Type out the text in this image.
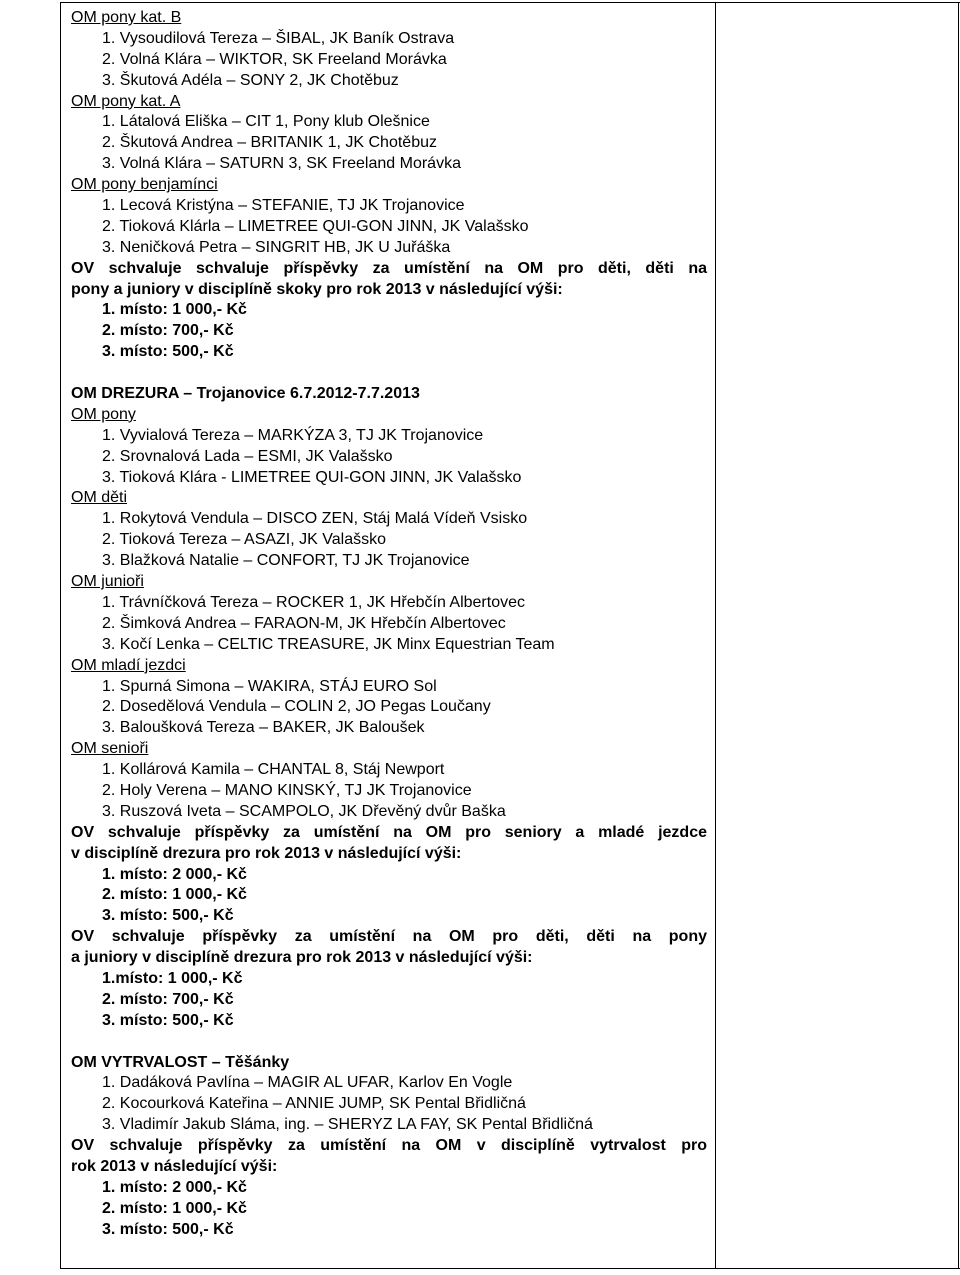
OM pony kat. B
1. Vysoudilová Tereza – ŠIBAL, JK Baník Ostrava
2. Volná Klára – WIKTOR, SK Freeland Morávka
3. Škutová Adéla – SONY 2, JK Chotěbuz
OM pony kat. A
1. Látalová Eliška – CIT 1, Pony klub Olešnice
2. Škutová Andrea – BRITANIK 1, JK Chotěbuz
3. Volná Klára – SATURN 3, SK Freeland Morávka
OM pony benjamínci
1. Lecová Kristýna – STEFANIE, TJ JK Trojanovice
2. Tioková Klárla – LIMETREE QUI-GON JINN, JK Valašsko
3. Neničková Petra – SINGRIT HB, JK U Juřáška
OV schvaluje schvaluje příspěvky za umístění na OM pro děti, děti na
pony a juniory v disciplíně skoky pro rok 2013 v následující výši:
1. místo: 1 000,- Kč
2. místo: 700,- Kč
3. místo: 500,- Kč
OM DREZURA – Trojanovice 6.7.2012-7.7.2013
OM pony
1. Vyvialová Tereza – MARKÝZA 3, TJ JK Trojanovice
2. Srovnalová Lada – ESMI, JK Valašsko
3. Tioková Klára - LIMETREE QUI-GON JINN, JK Valašsko
OM děti
1. Rokytová Vendula – DISCO ZEN, Stáj Malá Vídeň Vsisko
2. Tioková Tereza – ASAZI, JK Valašsko
3. Blažková Natalie – CONFORT, TJ JK Trojanovice
OM junioři
1. Trávníčková Tereza – ROCKER 1, JK Hřebčín Albertovec
2. Šimková Andrea – FARAON-M, JK Hřebčín Albertovec
3. Kočí Lenka – CELTIC TREASURE, JK Minx Equestrian Team
OM mladí jezdci
1. Spurná Simona – WAKIRA, STÁJ EURO Sol
2. Dosedělová Vendula – COLIN 2, JO Pegas Loučany
3. Baloušková Tereza – BAKER, JK Baloušek
OM senioři
1. Kollárová Kamila – CHANTAL 8, Stáj Newport
2. Holy Verena – MANO KINSKÝ, TJ JK Trojanovice
3. Ruszová Iveta – SCAMPOLO, JK Dřevěný dvůr Baška
OV schvaluje příspěvky za umístění na OM pro seniory a mladé jezdce
v disciplíně drezura pro rok 2013 v následující výši:
1. místo: 2 000,- Kč
2. místo: 1 000,- Kč
3. místo: 500,- Kč
OV schvaluje příspěvky za umístění na OM pro děti, děti na pony
a juniory v disciplíně drezura pro rok 2013 v následující výši:
1.místo: 1 000,- Kč
2. místo: 700,- Kč
3. místo: 500,- Kč
OM VYTRVALOST – Těšánky
1. Dadáková Pavlína – MAGIR AL UFAR, Karlov En Vogle
2. Kocourková Kateřina – ANNIE JUMP, SK Pental Břidličná
3. Vladimír Jakub Sláma, ing. – SHERYZ LA FAY, SK Pental Břidličná
OV schvaluje příspěvky za umístění na OM v disciplíně vytrvalost pro
rok 2013 v následující výši:
1. místo: 2 000,- Kč
2. místo: 1 000,- Kč
3. místo: 500,- Kč
